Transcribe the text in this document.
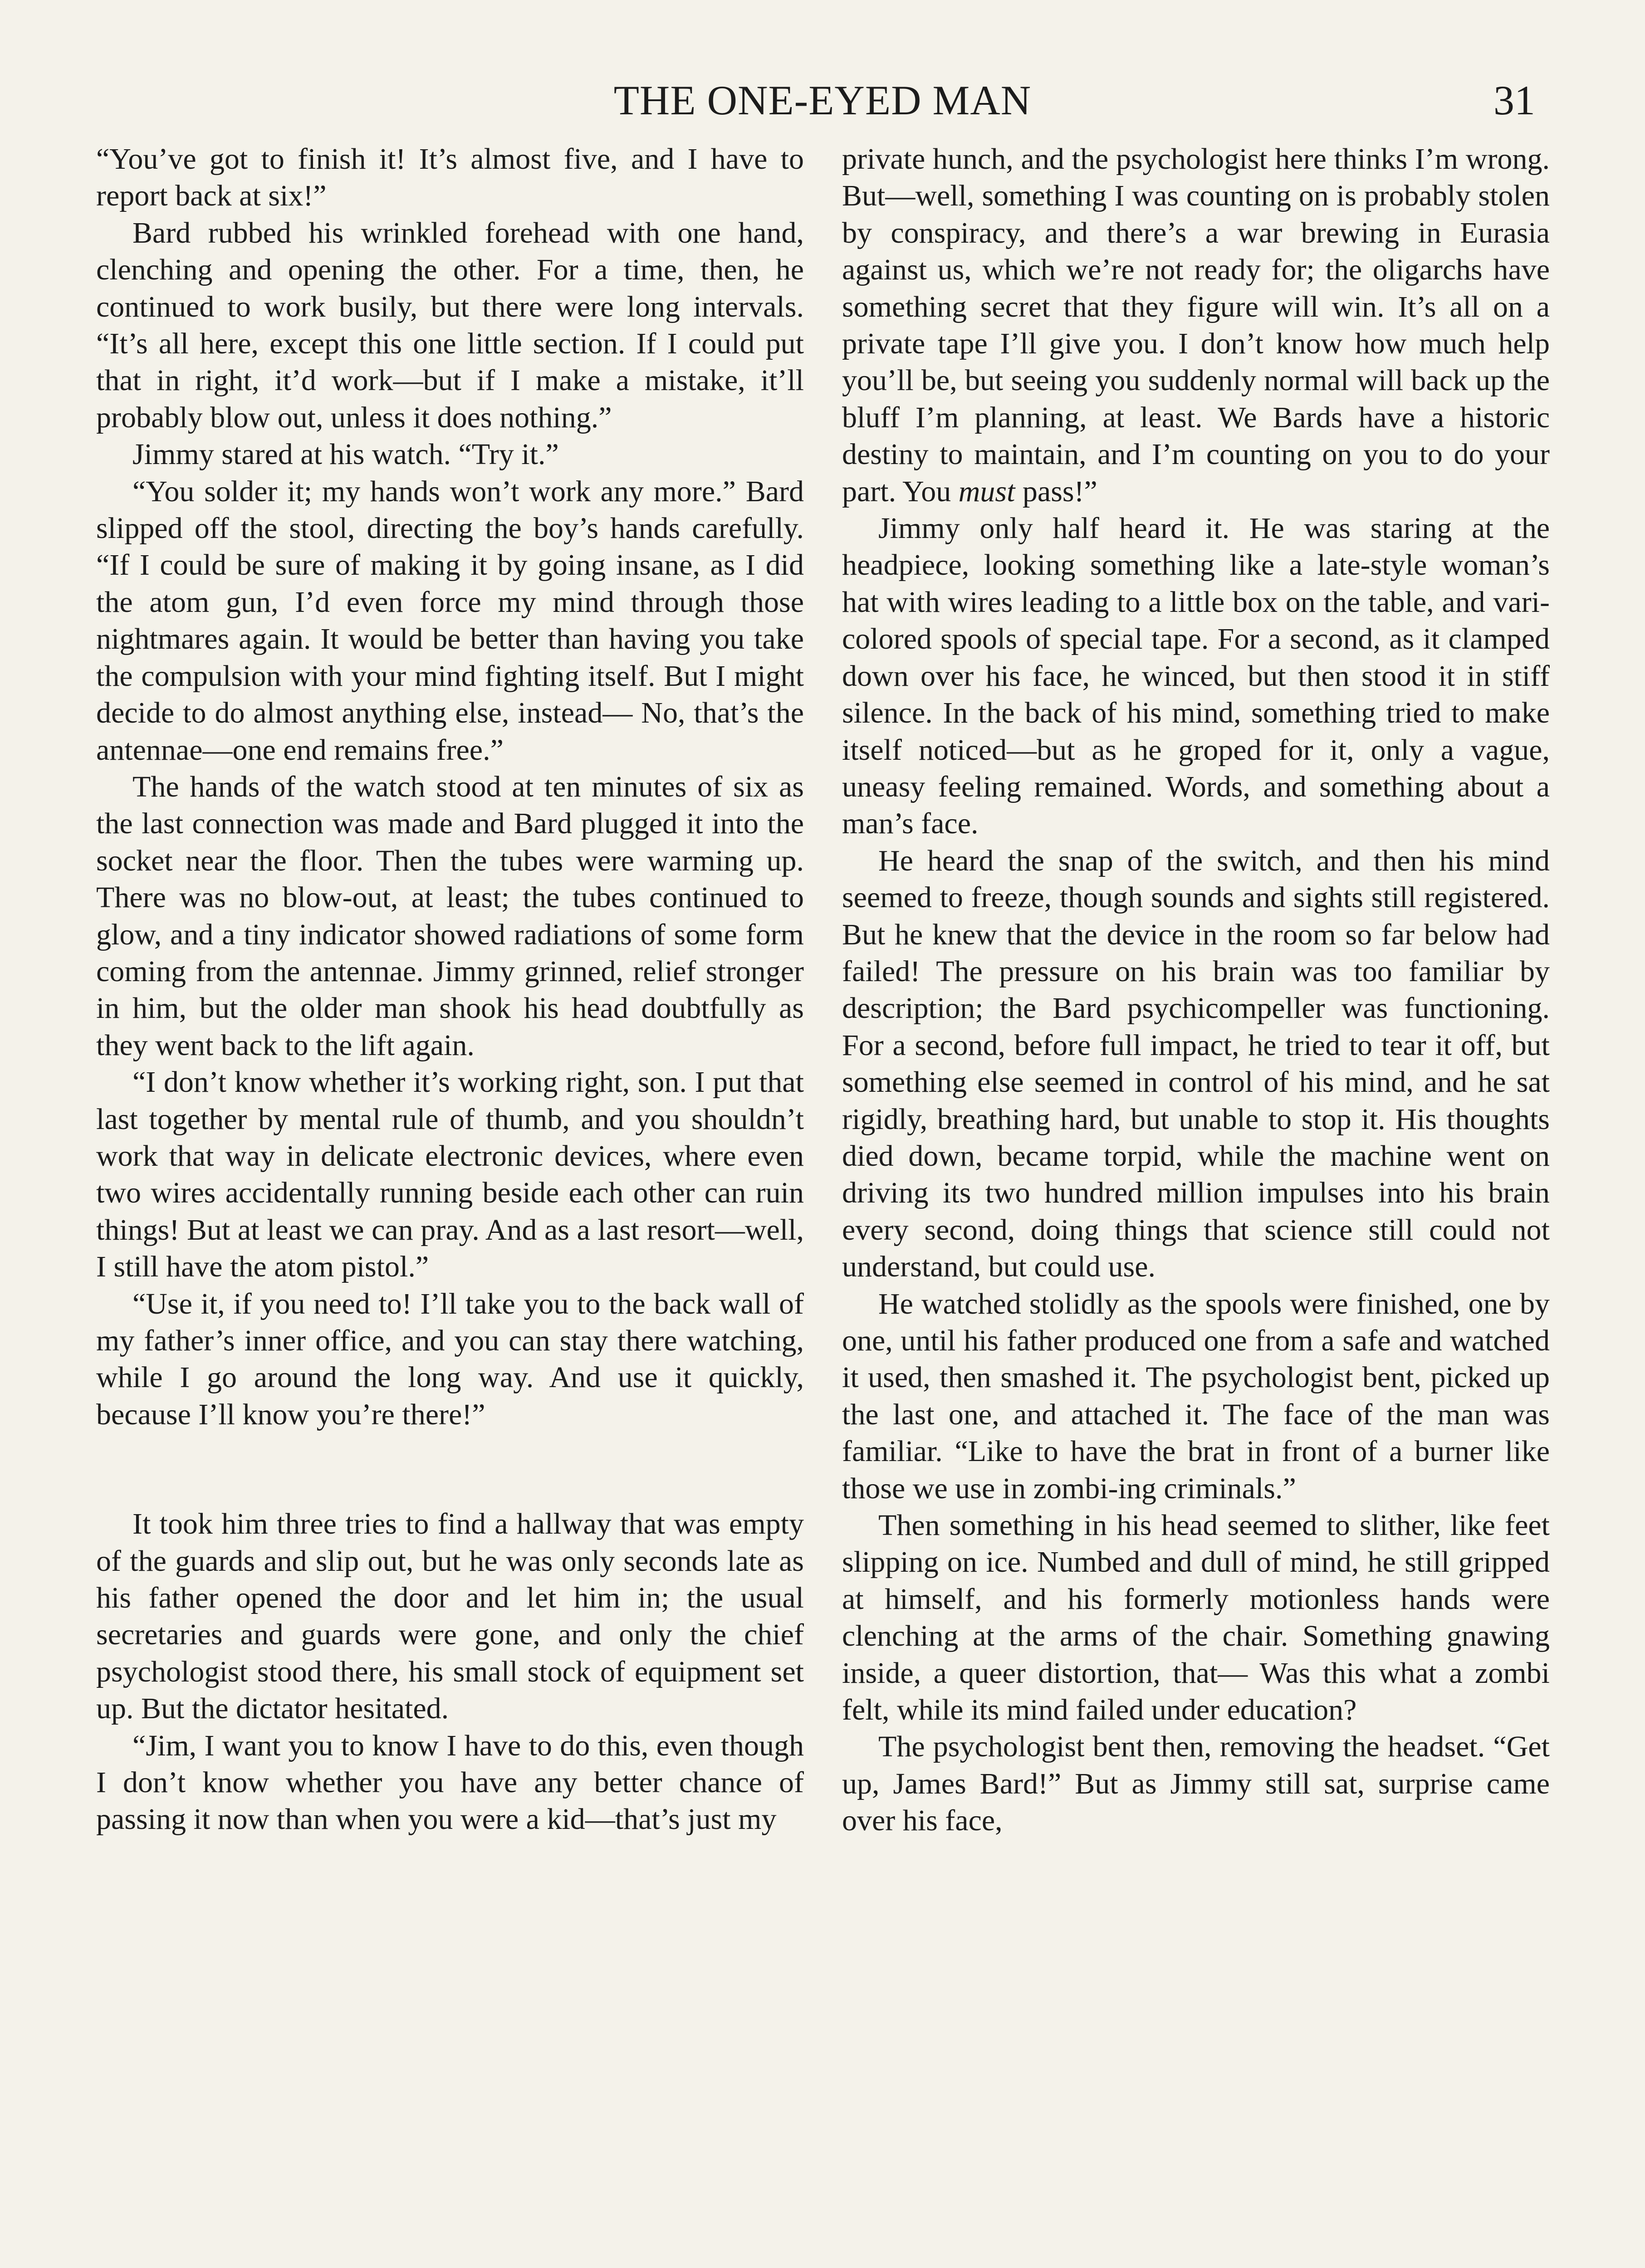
THE ONE-EYED MAN	31

“You’ve got to finish it! It’s almost five, and I have to report back at six!”

Bard rubbed his wrinkled forehead with one hand, clenching and opening the other. For a time, then, he continued to work busily, but there were long intervals. “It’s all here, except this one little section. If I could put that in right, it’d work—but if I make a mistake, it’ll probably blow out, unless it does nothing.”

Jimmy stared at his watch. “Try it.”

“You solder it; my hands won’t work any more.” Bard slipped off the stool, directing the boy’s hands carefully. “If I could be sure of making it by going insane, as I did the atom gun, I’d even force my mind through those nightmares again. It would be better than having you take the compulsion with your mind fighting itself. But I might decide to do almost anything else, instead— No, that’s the antennae—one end remains free.”

The hands of the watch stood at ten minutes of six as the last connection was made and Bard plugged it into the socket near the floor. Then the tubes were warming up. There was no blow-out, at least; the tubes continued to glow, and a tiny indicator showed radiations of some form coming from the antennae. Jimmy grinned, relief stronger in him, but the older man shook his head doubtfully as they went back to the lift again.

“I don’t know whether it’s working right, son. I put that last together by mental rule of thumb, and you shouldn’t work that way in delicate electronic devices, where even two wires accidentally running beside each other can ruin things! But at least we can pray. And as a last resort—well, I still have the atom pistol.”

“Use it, if you need to! I’ll take you to the back wall of my father’s inner office, and you can stay there watching, while I go around the long way. And use it quickly, because I’ll know you’re there!”

It took him three tries to find a hallway that was empty of the guards and slip out, but he was only seconds late as his father opened the door and let him in; the usual secretaries and guards were gone, and only the chief psychologist stood there, his small stock of equipment set up. But the dictator hesitated.

“Jim, I want you to know I have to do this, even though I don’t know whether you have any better chance of passing it now than when you were a kid—that’s just my

private hunch, and the psychologist here thinks I’m wrong. But—well, something I was counting on is probably stolen by conspiracy, and there’s a war brewing in Eurasia against us, which we’re not ready for; the oligarchs have something secret that they figure will win. It’s all on a private tape I’ll give you. I don’t know how much help you’ll be, but seeing you suddenly normal will back up the bluff I’m planning, at least. We Bards have a historic destiny to maintain, and I’m counting on you to do your part. You must pass!”

Jimmy only half heard it. He was staring at the headpiece, looking something like a late-style woman’s hat with wires leading to a little box on the table, and vari-colored spools of special tape. For a second, as it clamped down over his face, he winced, but then stood it in stiff silence. In the back of his mind, something tried to make itself noticed—but as he groped for it, only a vague, uneasy feeling remained. Words, and something about a man’s face.

He heard the snap of the switch, and then his mind seemed to freeze, though sounds and sights still registered. But he knew that the device in the room so far below had failed! The pressure on his brain was too familiar by description; the Bard psychicompeller was functioning. For a second, before full impact, he tried to tear it off, but something else seemed in control of his mind, and he sat rigidly, breathing hard, but unable to stop it. His thoughts died down, became torpid, while the machine went on driving its two hundred million impulses into his brain every second, doing things that science still could not understand, but could use.

He watched stolidly as the spools were finished, one by one, until his father produced one from a safe and watched it used, then smashed it. The psychologist bent, picked up the last one, and attached it. The face of the man was familiar. “Like to have the brat in front of a burner like those we use in zombi-ing criminals.”

Then something in his head seemed to slither, like feet slipping on ice. Numbed and dull of mind, he still gripped at himself, and his formerly motionless hands were clenching at the arms of the chair. Something gnawing inside, a queer distortion, that— Was this what a zombi felt, while its mind failed under education?

The psychologist bent then, removing the headset. “Get up, James Bard!” But as Jimmy still sat, surprise came over his face,
